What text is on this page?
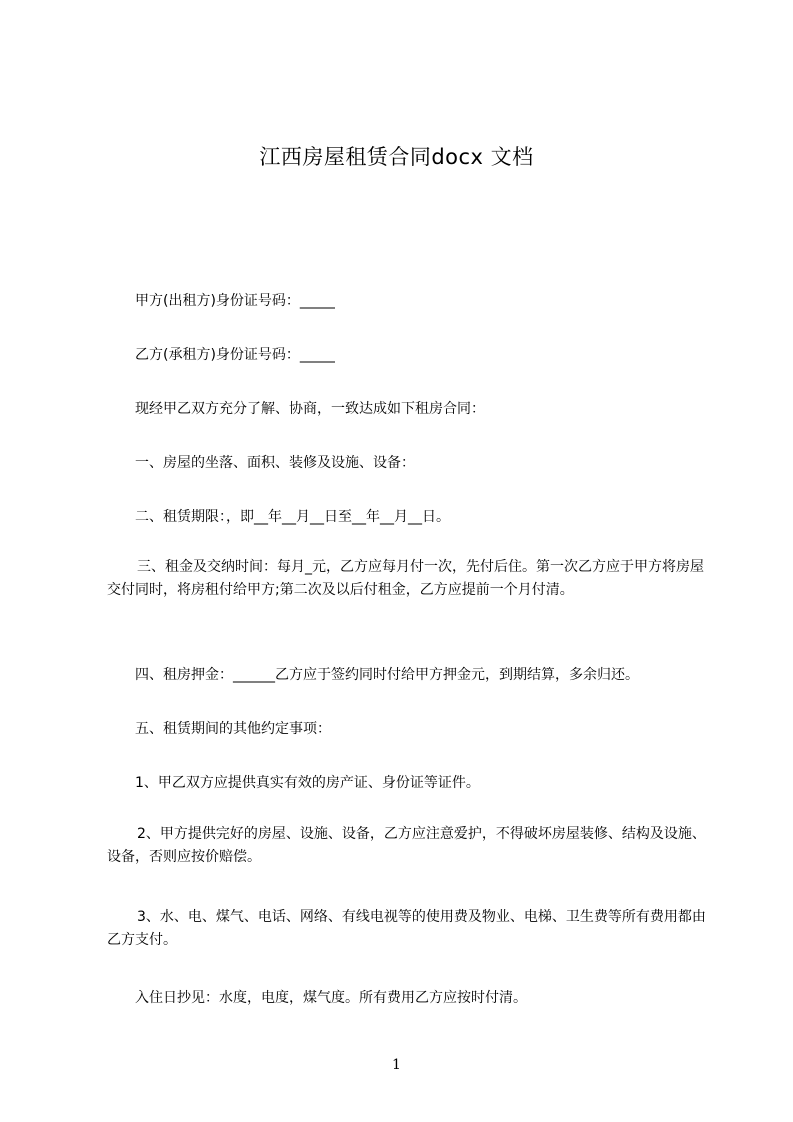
江西房屋租赁合同docx 文档
甲方(出租方)身份证号码：_____
乙方(承租方)身份证号码：_____
现经甲乙双方充分了解、协商，一致达成如下租房合同：
一、房屋的坐落、面积、装修及设施、设备：
二、租赁期限：，即__年__月__日至__年__月__日。
三、租金及交纳时间：每月_元，乙方应每月付一次，先付后住。第一次乙方应于甲方将房屋交付同时，将房租付给甲方;第二次及以后付租金，乙方应提前一个月付清。
四、租房押金：______乙方应于签约同时付给甲方押金元，到期结算，多余归还。
五、租赁期间的其他约定事项：
1、甲乙双方应提供真实有效的房产证、身份证等证件。
2、甲方提供完好的房屋、设施、设备，乙方应注意爱护，不得破坏房屋装修、结构及设施、设备，否则应按价赔偿。
3、水、电、煤气、电话、网络、有线电视等的使用费及物业、电梯、卫生费等所有费用都由乙方支付。
入住日抄见：水度，电度，煤气度。所有费用乙方应按时付清。
1
